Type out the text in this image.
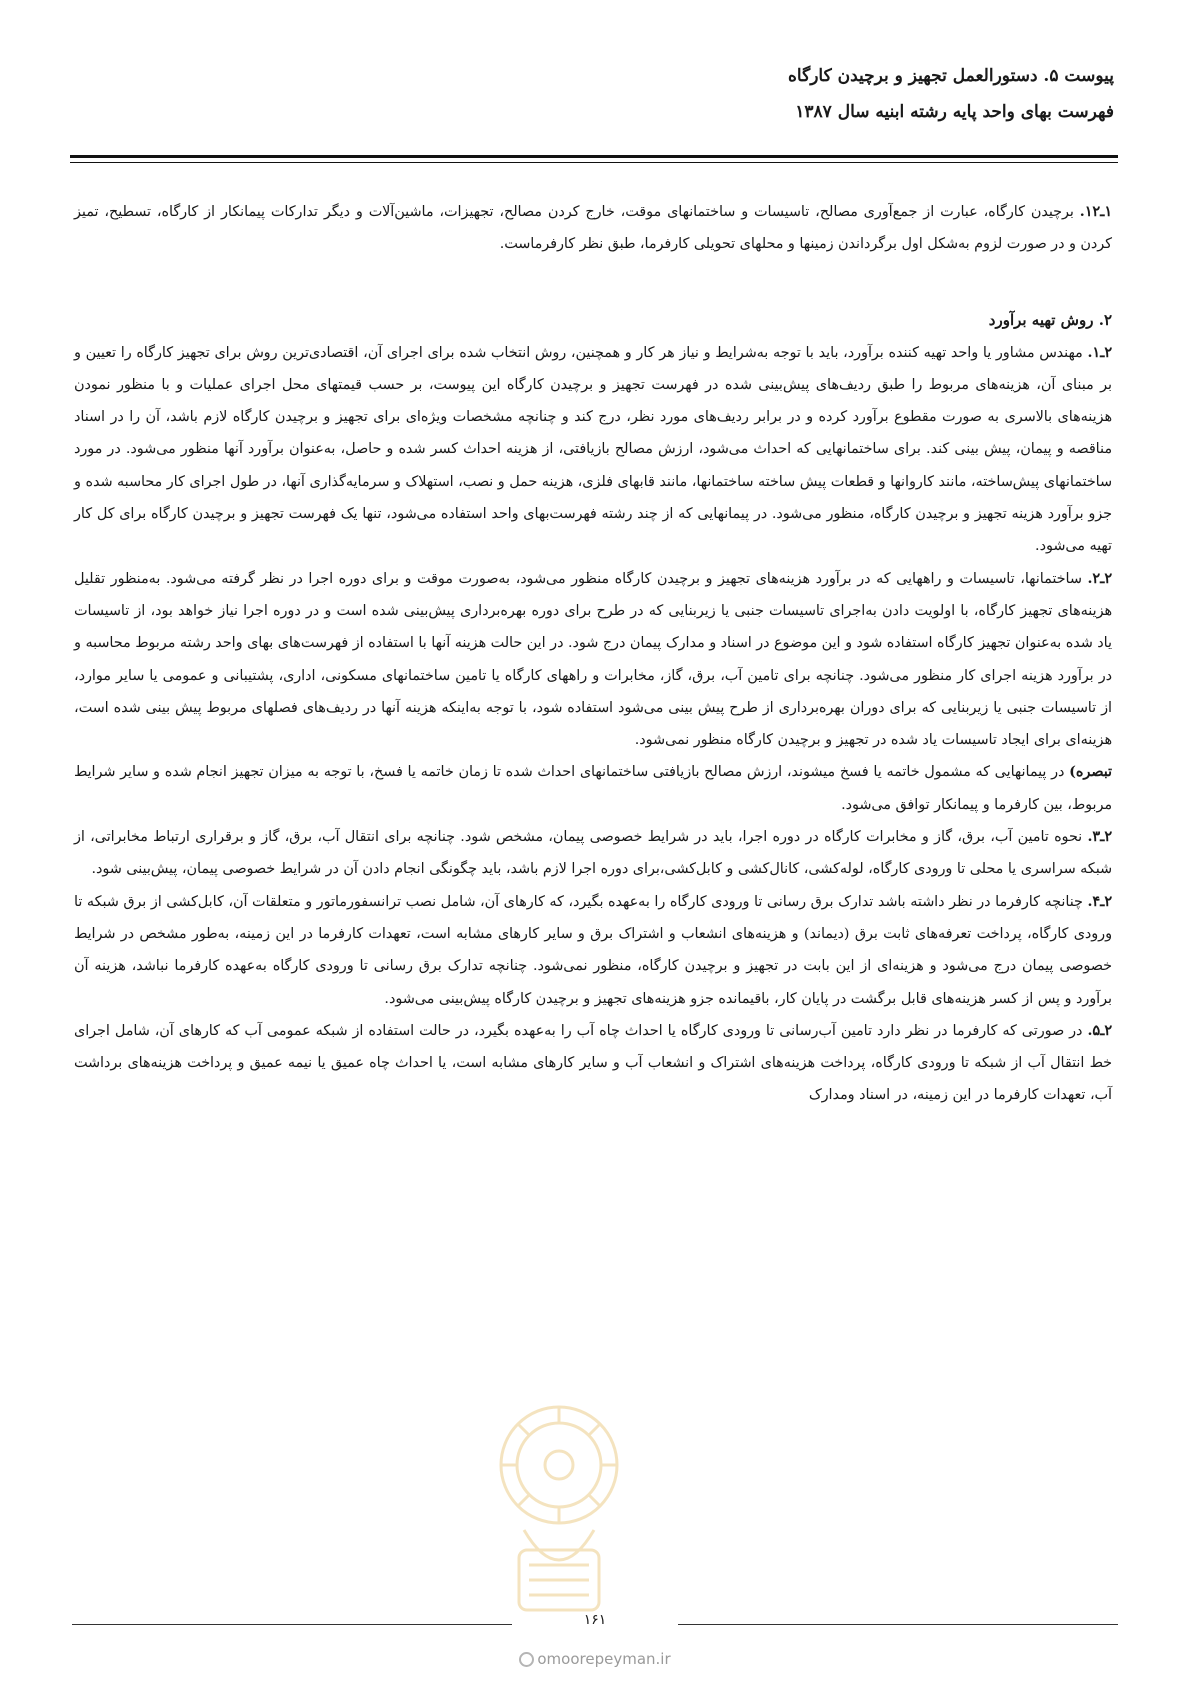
پیوست ۵. دستورالعمل تجهیز و برچیدن کارگاه
فهرست بهای واحد پایه رشته ابنیه سال ۱۳۸۷

۱ـ۱۲. برچیدن کارگاه، عبارت از جمع‌آوری مصالح، تاسیسات و ساختمانهای موقت، خارج کردن مصالح، تجهیزات، ماشین‌آلات و دیگر تدارکات پیمانکار از کارگاه، تسطیح، تمیز کردن و در صورت لزوم به‌شکل اول برگرداندن زمینها و محلهای تحویلی کارفرما، طبق نظر کارفرماست.

۲. روش تهیه برآورد

۲ـ۱. مهندس مشاور یا واحد تهیه کننده برآورد، باید با توجه به‌شرایط و نیاز هر کار و همچنین، روش انتخاب شده برای اجرای آن، اقتصادی‌ترین روش برای تجهیز کارگاه را تعیین و بر مبنای آن، هزینه‌های مربوط را طبق ردیف‌های پیش‌بینی شده در فهرست تجهیز و برچیدن کارگاه این پیوست، بر حسب قیمتهای محل اجرای عملیات و با منظور نمودن هزینه‌های بالاسری به صورت مقطوع برآورد کرده و در برابر ردیف‌های مورد نظر، درج کند و چنانچه مشخصات ویژه‌ای برای تجهیز و برچیدن کارگاه لازم باشد، آن را در اسناد مناقصه و پیمان، پیش بینی کند. برای ساختمانهایی که احداث می‌شود، ارزش مصالح بازیافتی، از هزینه احداث کسر شده و حاصل، به‌عنوان برآورد آنها منظور می‌شود. در مورد ساختمانهای پیش‌ساخته، مانند کاروانها و قطعات پیش ساخته ساختمانها، مانند قابهای فلزی، هزینه حمل و نصب، استهلاک و سرمایه‌گذاری آنها، در طول اجرای کار محاسبه شده و جزو برآورد هزینه تجهیز و برچیدن کارگاه، منظور می‌شود. در پیمانهایی که از چند رشته فهرست‌بهای واحد استفاده می‌شود، تنها یک فهرست تجهیز و برچیدن کارگاه برای کل کار تهیه می‌شود.

۲ـ۲. ساختمانها، تاسیسات و راههایی که در برآورد هزینه‌های تجهیز و برچیدن کارگاه منظور می‌شود، به‌صورت موقت و برای دوره اجرا در نظر گرفته می‌شود. به‌منظور تقلیل هزینه‌های تجهیز کارگاه، با اولویت دادن به‌اجرای تاسیسات جنبی یا زیربنایی که در طرح برای دوره بهره‌برداری پیش‌بینی شده است و در دوره اجرا نیاز خواهد بود، از تاسیسات یاد شده به‌عنوان تجهیز کارگاه استفاده شود و این موضوع در اسناد و مدارک پیمان درج شود. در این حالت هزینه آنها با استفاده از فهرست‌های بهای واحد رشته مربوط محاسبه و در برآورد هزینه اجرای کار منظور می‌شود. چنانچه برای تامین آب، برق، گاز، مخابرات و راههای کارگاه یا تامین ساختمانهای مسکونی، اداری، پشتیبانی و عمومی یا سایر موارد، از تاسیسات جنبی یا زیربنایی که برای دوران بهره‌برداری از طرح پیش بینی می‌شود استفاده شود، با توجه به‌اینکه هزینه آنها در ردیف‌های فصلهای مربوط پیش بینی شده است، هزینه‌ای برای ایجاد تاسیسات یاد شده در تجهیز و برچیدن کارگاه منظور نمی‌شود.

تبصره) در پیمانهایی که مشمول خاتمه یا فسخ میشوند، ارزش مصالح بازیافتی ساختمانهای احداث شده تا زمان خاتمه یا فسخ، با توجه به میزان تجهیز انجام شده و سایر شرایط مربوط، بین کارفرما و پیمانکار توافق می‌شود.

۲ـ۳. نحوه تامین آب، برق، گاز و مخابرات کارگاه در دوره اجرا، باید در شرایط خصوصی پیمان، مشخص شود. چنانچه برای انتقال آب، برق، گاز و برقراری ارتباط مخابراتی، از شبکه سراسری یا محلی تا ورودی کارگاه، لوله‌کشی، کانال‌کشی و کابل‌کشی،برای دوره اجرا لازم باشد، باید چگونگی انجام دادن آن در شرایط خصوصی پیمان، پیش‌بینی شود.

۲ـ۴. چنانچه کارفرما در نظر داشته باشد تدارک برق رسانی تا ورودی کارگاه را به‌عهده بگیرد، که کارهای آن، شامل نصب ترانسفورماتور و متعلقات آن، کابل‌کشی از برق شبکه تا ورودی کارگاه، پرداخت تعرفه‌های ثابت برق (دیماند) و هزینه‌های انشعاب و اشتراک برق و سایر کارهای مشابه است، تعهدات کارفرما در این زمینه، به‌طور مشخص در شرایط خصوصی پیمان درج می‌شود و هزینه‌ای از این بابت در تجهیز و برچیدن کارگاه، منظور نمی‌شود. چنانچه تدارک برق رسانی تا ورودی کارگاه به‌عهده کارفرما نباشد، هزینه آن برآورد و پس از کسر هزینه‌های قابل برگشت در پایان کار، باقیمانده جزو هزینه‌های تجهیز و برچیدن کارگاه پیش‌بینی می‌شود.

۲ـ۵. در صورتی که کارفرما در نظر دارد تامین آب‌رسانی تا ورودی کارگاه یا احداث چاه آب را به‌عهده بگیرد، در حالت استفاده از شبکه عمومی آب که کارهای آن، شامل اجرای خط انتقال آب از شبکه تا ورودی کارگاه، پرداخت هزینه‌های اشتراک و انشعاب آب و سایر کارهای مشابه است، یا احداث چاه عمیق یا نیمه عمیق و پرداخت هزینه‌های برداشت آب، تعهدات کارفرما در این زمینه، در اسناد ومدارک

۱۶۱
omoorepeyman.ir
